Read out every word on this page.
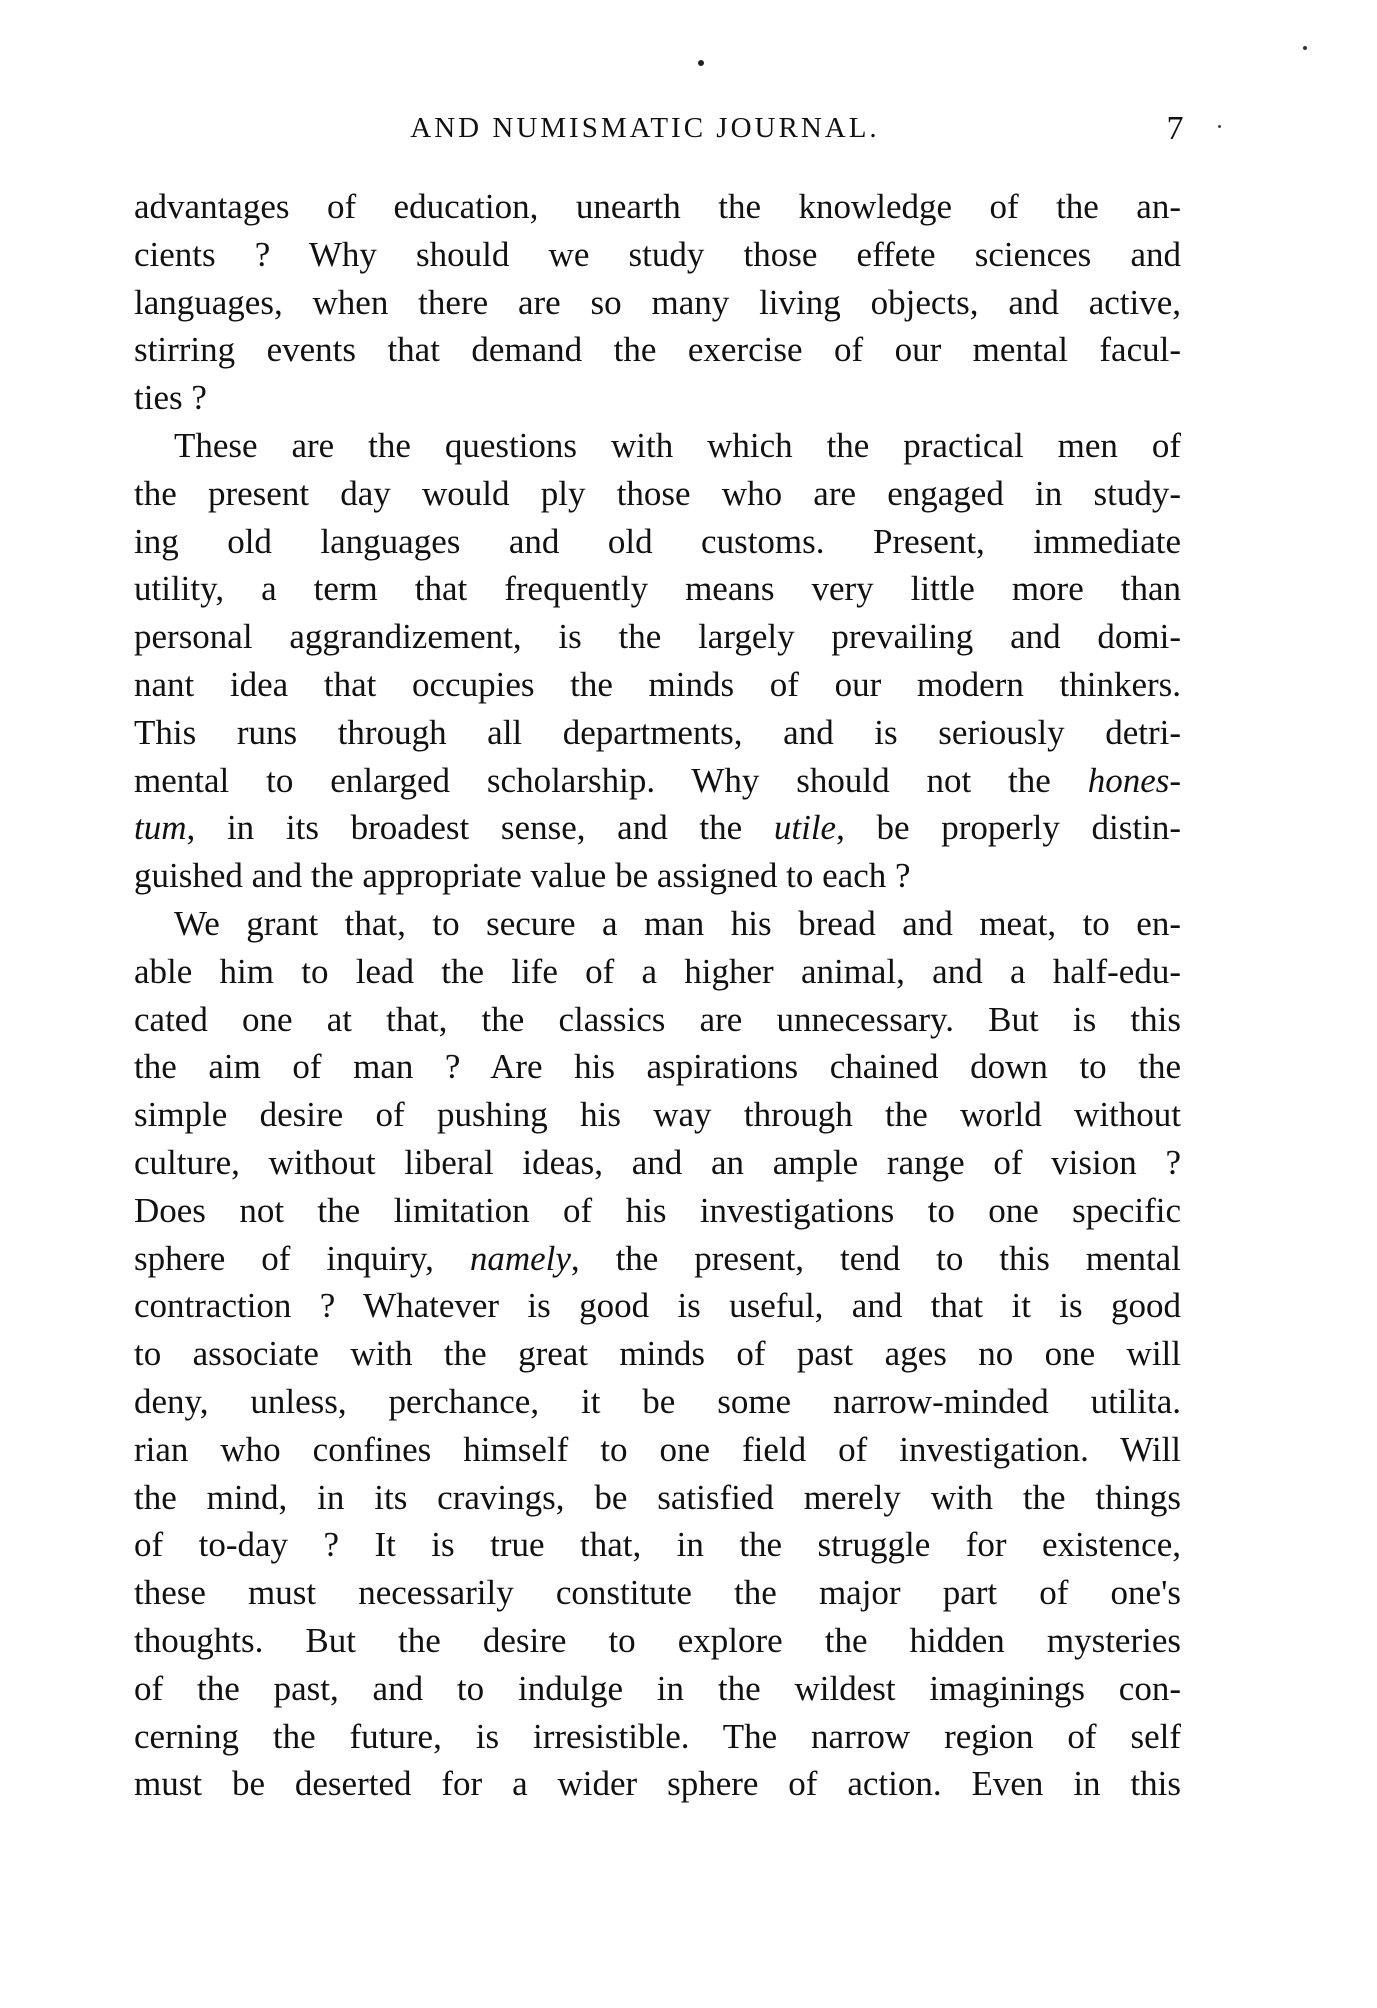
AND NUMISMATIC JOURNAL.	7
advantages of education, unearth the knowledge of the an-
cients ? Why should we study those effete sciences and
languages, when there are so many living objects, and active,
stirring events that demand the exercise of our mental facul-
ties ?
These are the questions with which the practical men of
the present day would ply those who are engaged in study-
ing old languages and old customs. Present, immediate
utility, a term that frequently means very little more than
personal aggrandizement, is the largely prevailing and domi-
nant idea that occupies the minds of our modern thinkers.
This runs through all departments, and is seriously detri-
mental to enlarged scholarship. Why should not the hones-
tum, in its broadest sense, and the utile, be properly distin-
guished and the appropriate value be assigned to each ?
We grant that, to secure a man his bread and meat, to en-
able him to lead the life of a higher animal, and a half-edu-
cated one at that, the classics are unnecessary. But is this
the aim of man ? Are his aspirations chained down to the
simple desire of pushing his way through the world without
culture, without liberal ideas, and an ample range of vision ?
Does not the limitation of his investigations to one specific
sphere of inquiry, namely, the present, tend to this mental
contraction ? Whatever is good is useful, and that it is good
to associate with the great minds of past ages no one will
deny, unless, perchance, it be some narrow-minded utilita.
rian who confines himself to one field of investigation. Will
the mind, in its cravings, be satisfied merely with the things
of to-day ? It is true that, in the struggle for existence,
these must necessarily constitute the major part of one's
thoughts. But the desire to explore the hidden mysteries
of the past, and to indulge in the wildest imaginings con-
cerning the future, is irresistible. The narrow region of self
must be deserted for a wider sphere of action. Even in this
